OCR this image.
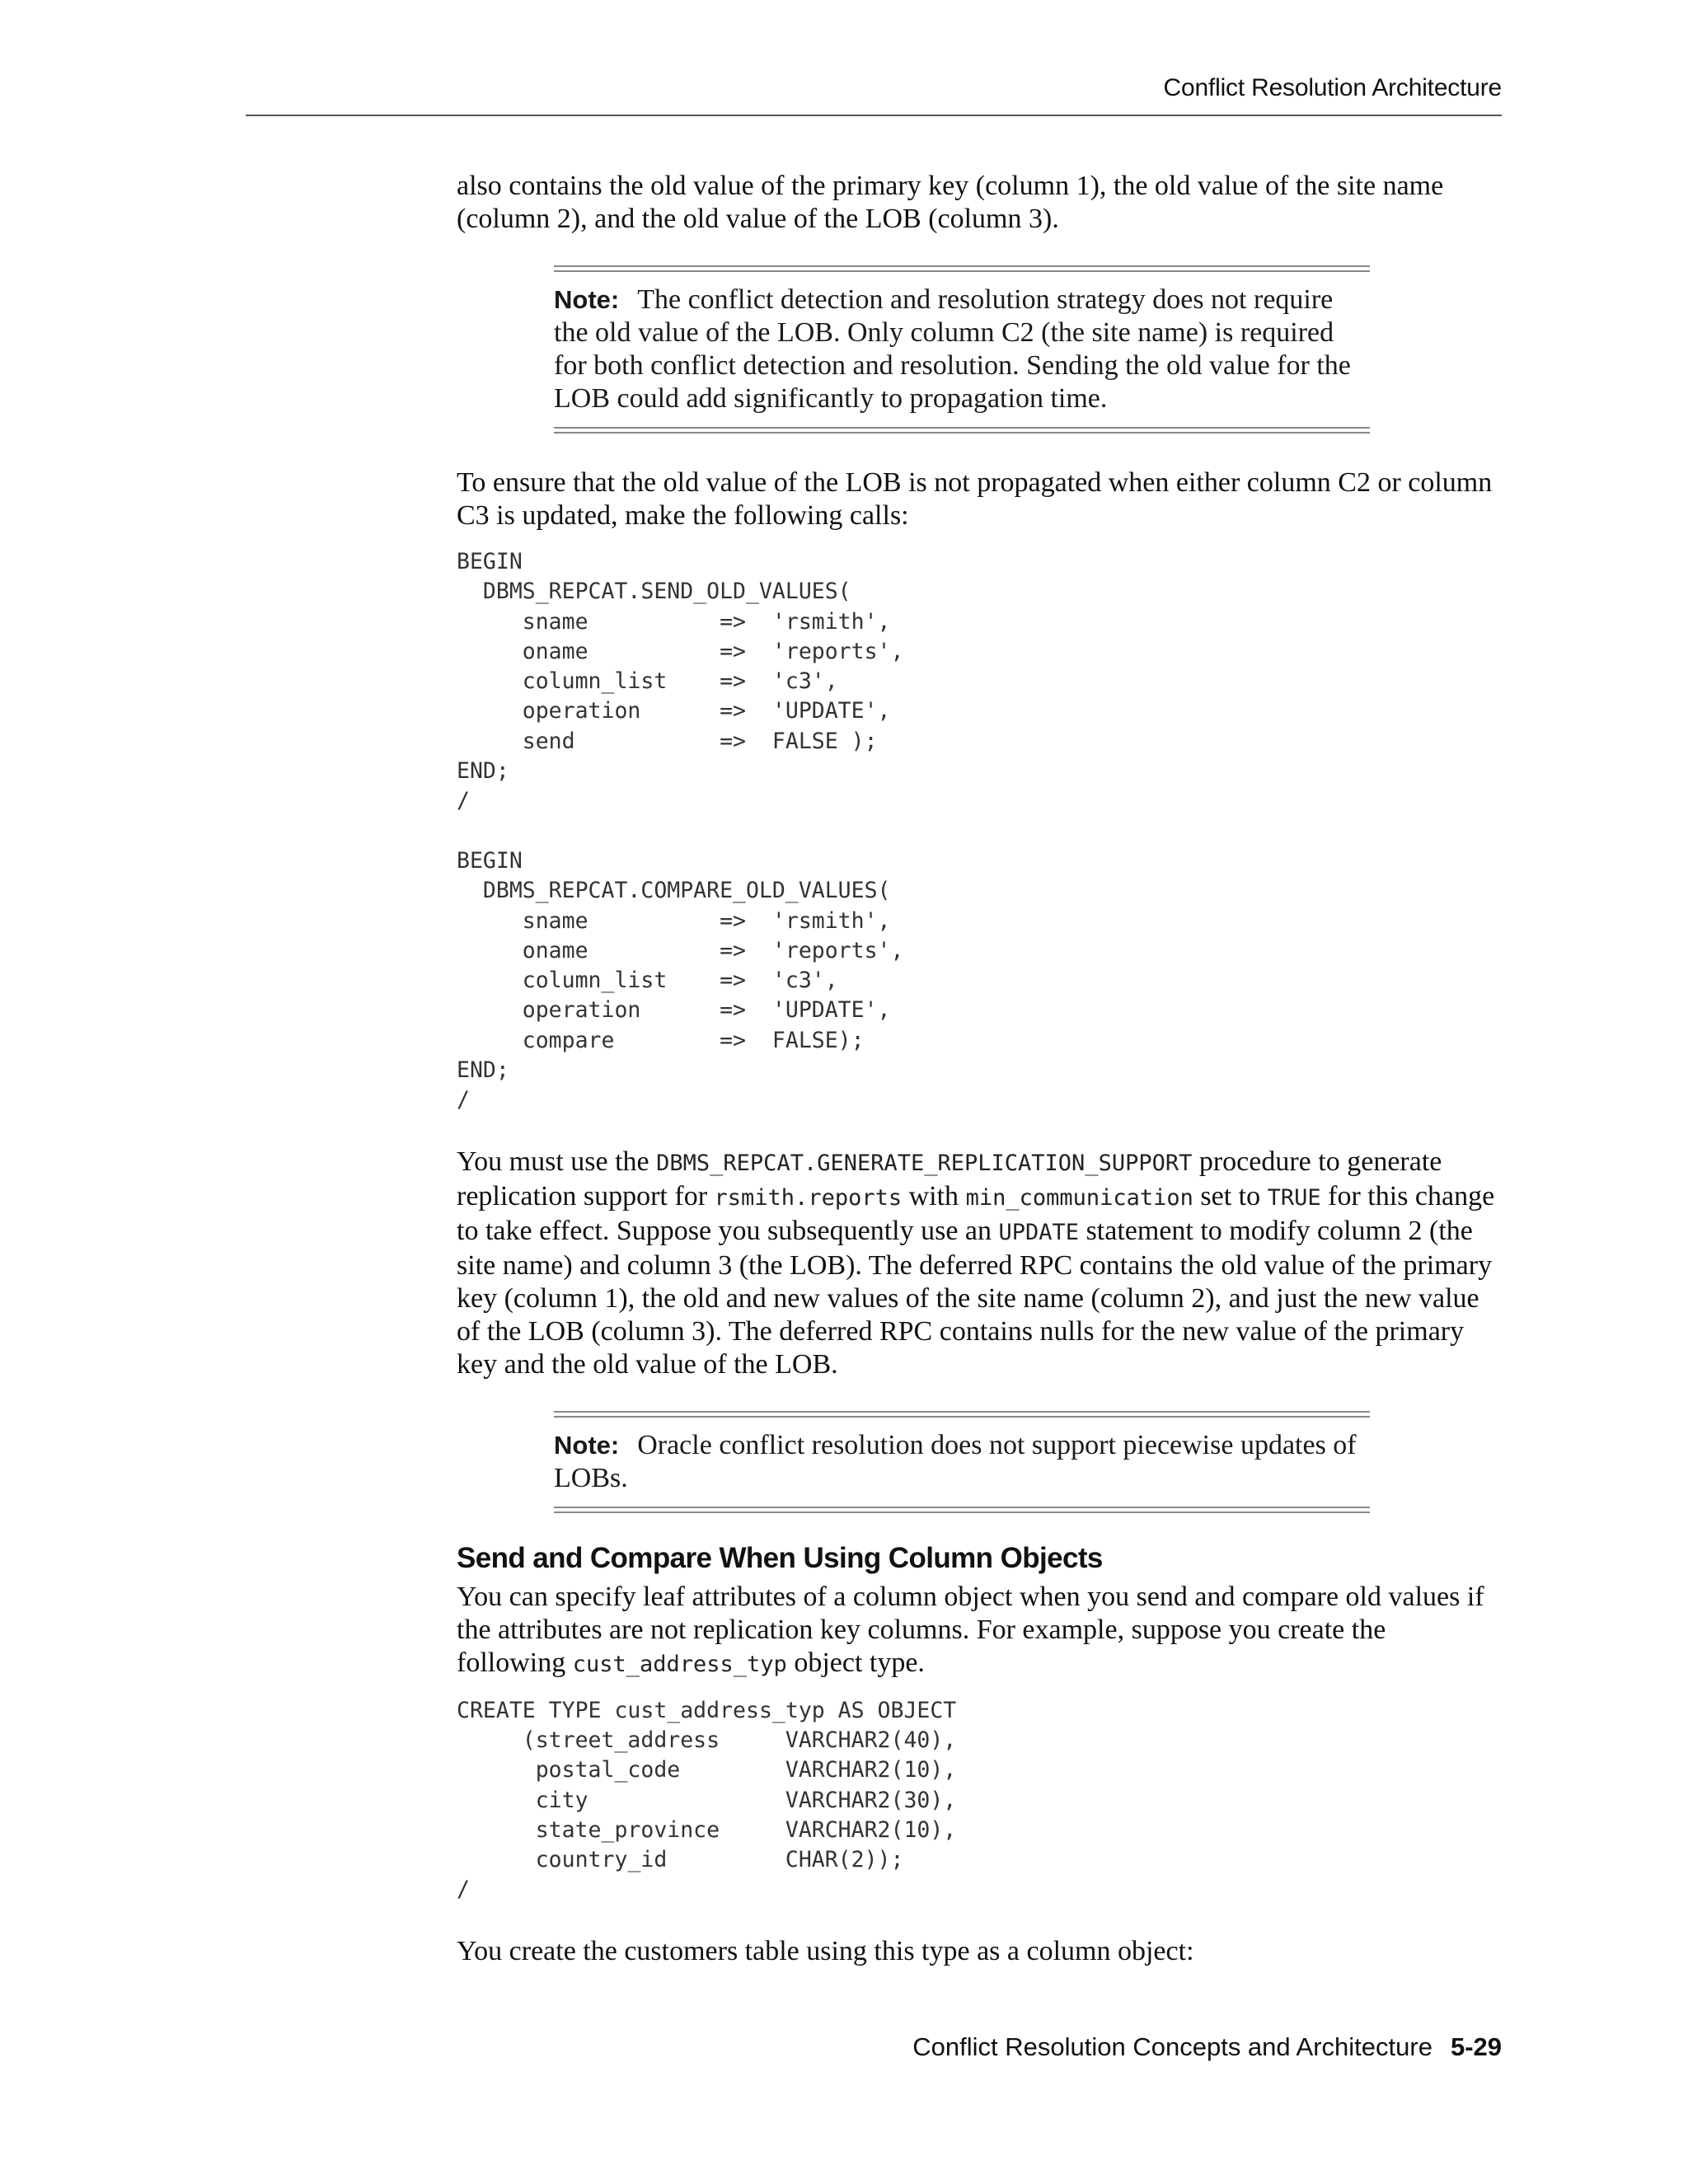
Conflict Resolution Architecture

also contains the old value of the primary key (column 1), the old value of the site name (column 2), and the old value of the LOB (column 3).

Note: The conflict detection and resolution strategy does not require the old value of the LOB. Only column C2 (the site name) is required for both conflict detection and resolution. Sending the old value for the LOB could add significantly to propagation time.

To ensure that the old value of the LOB is not propagated when either column C2 or column C3 is updated, make the following calls:

BEGIN
DBMS_REPCAT.SEND_OLD_VALUES(
sname          =>  'rsmith',
oname          =>  'reports',
column_list    =>  'c3',
operation      =>  'UPDATE',
send           =>  FALSE );
END;
/

BEGIN
DBMS_REPCAT.COMPARE_OLD_VALUES(
sname          =>  'rsmith',
oname          =>  'reports',
column_list    =>  'c3',
operation      =>  'UPDATE',
compare        =>  FALSE);
END;
/

You must use the DBMS_REPCAT.GENERATE_REPLICATION_SUPPORT procedure to generate replication support for rsmith.reports with min_communication set to TRUE for this change to take effect. Suppose you subsequently use an UPDATE statement to modify column 2 (the site name) and column 3 (the LOB). The deferred RPC contains the old value of the primary key (column 1), the old and new values of the site name (column 2), and just the new value of the LOB (column 3). The deferred RPC contains nulls for the new value of the primary key and the old value of the LOB.

Note: Oracle conflict resolution does not support piecewise updates of LOBs.

Send and Compare When Using Column Objects

You can specify leaf attributes of a column object when you send and compare old values if the attributes are not replication key columns. For example, suppose you create the following cust_address_typ object type.

CREATE TYPE cust_address_typ AS OBJECT
(street_address     VARCHAR2(40),
postal_code        VARCHAR2(10),
city               VARCHAR2(30),
state_province     VARCHAR2(10),
country_id         CHAR(2));
/

You create the customers table using this type as a column object:

Conflict Resolution Concepts and Architecture 5-29
